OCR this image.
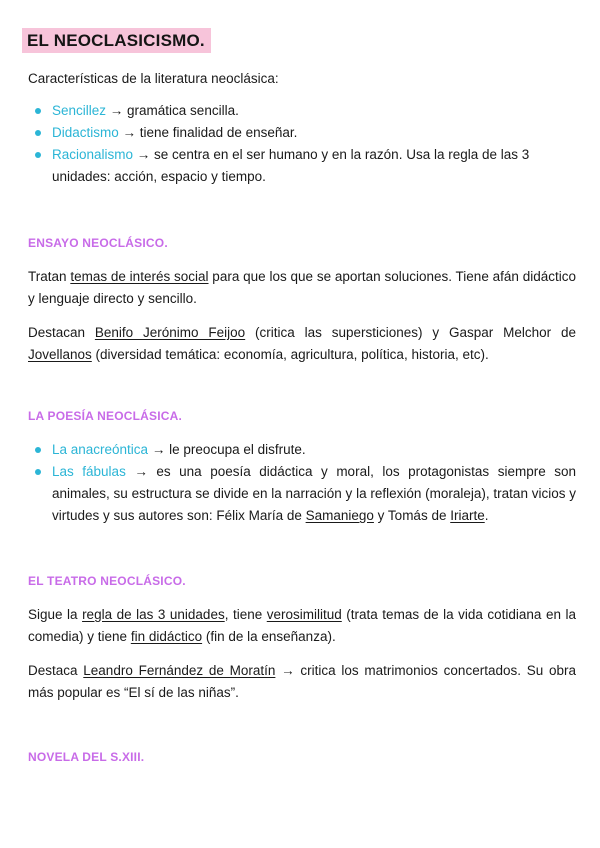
EL NEOCLASICISMO.

Características de la literatura neoclásica:

Sencillez → gramática sencilla.
Didactismo → tiene finalidad de enseñar.
Racionalismo → se centra en el ser humano y en la razón. Usa la regla de las 3 unidades: acción, espacio y tiempo.
ENSAYO NEOCLÁSICO.

Tratan temas de interés social para que los que se aportan soluciones. Tiene afán didáctico y lenguaje directo y sencillo.

Destacan Benifo Jerónimo Feijoo (critica las supersticiones) y Gaspar Melchor de Jovellanos (diversidad temática: economía, agricultura, política, historia, etc).

LA POESÍA NEOCLÁSICA.
La anacreóntica → le preocupa el disfrute.
Las fábulas → es una poesía didáctica y moral, los protagonistas siempre son animales, su estructura se divide en la narración y la reflexión (moraleja), tratan vicios y virtudes y sus autores son: Félix María de Samaniego y Tomás de Iriarte.
EL TEATRO NEOCLÁSICO.

Sigue la regla de las 3 unidades, tiene verosimilitud (trata temas de la vida cotidiana en la comedia) y tiene fin didáctico (fin de la enseñanza).

Destaca Leandro Fernández de Moratín → critica los matrimonios concertados. Su obra más popular es “El sí de las niñas”.

NOVELA DEL S.XIII.
